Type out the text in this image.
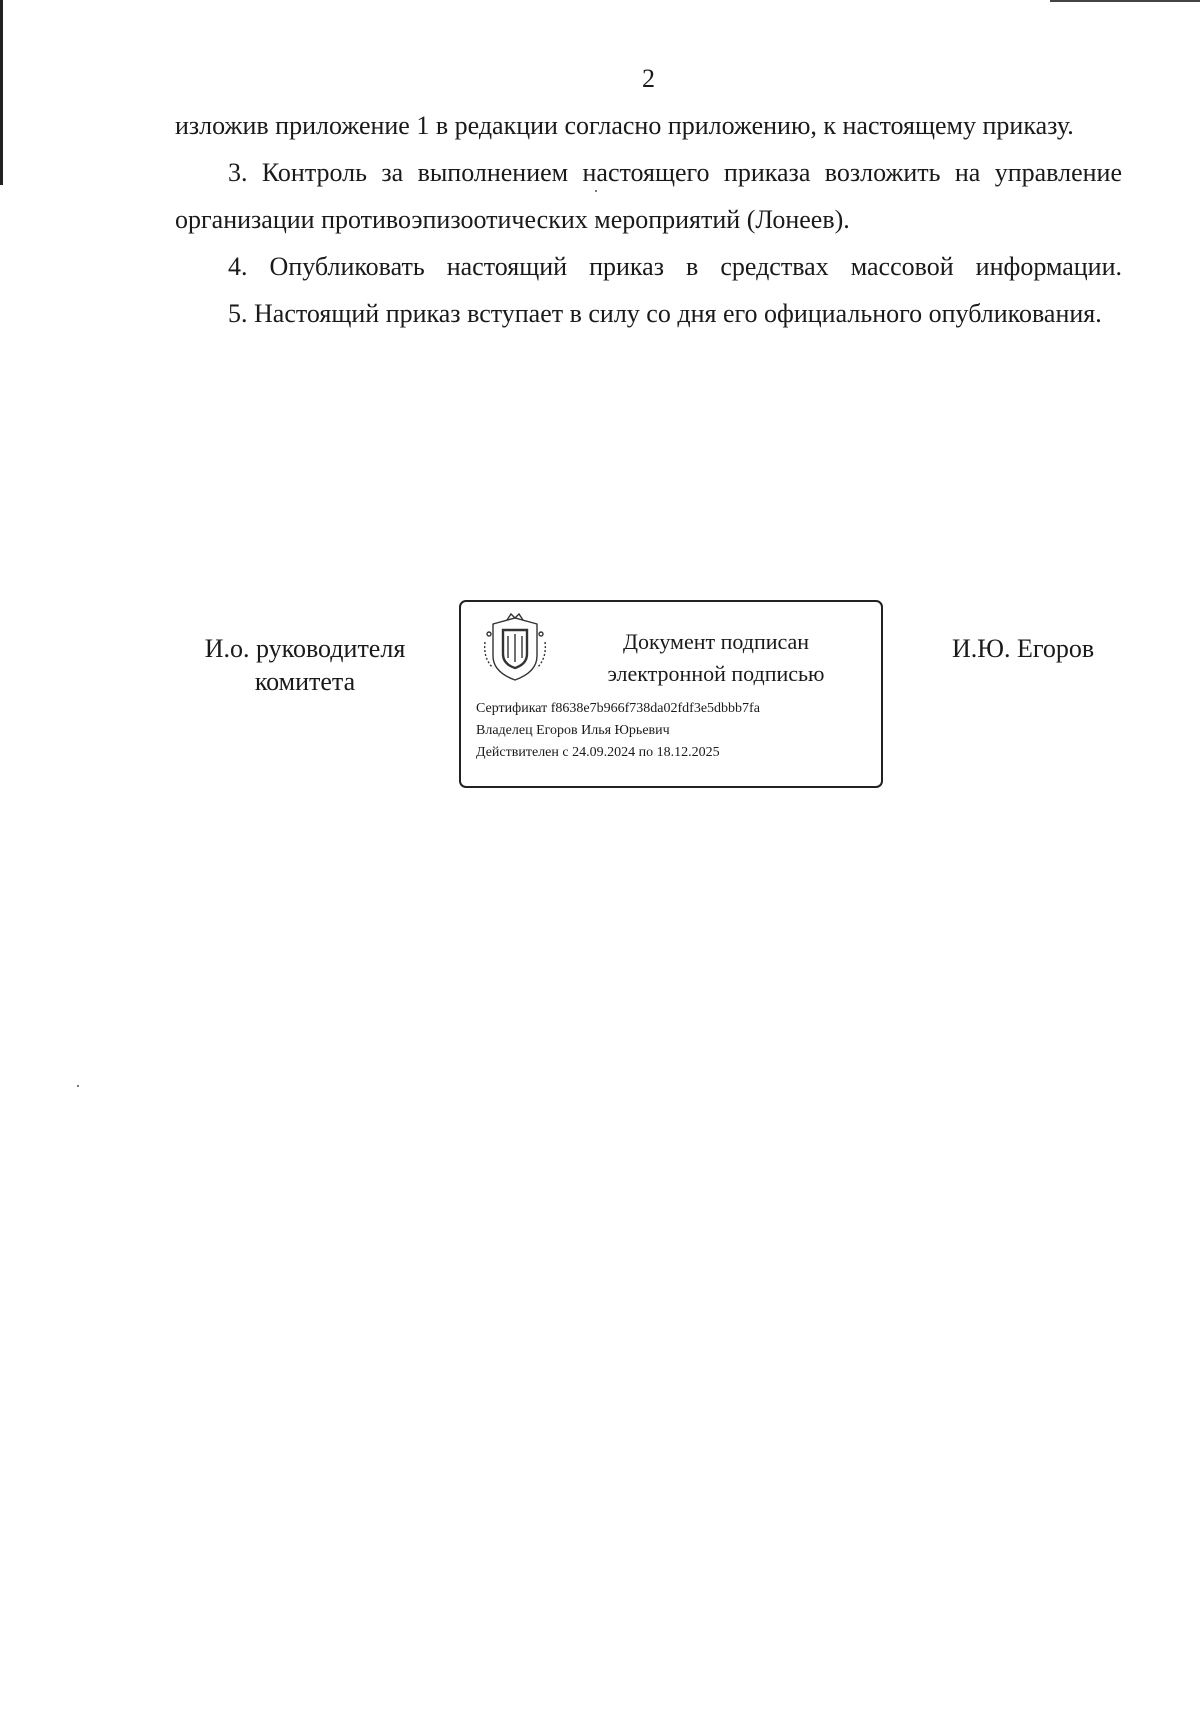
2

изложив приложение 1 в редакции согласно приложению, к настоящему приказу.

3. Контроль за выполнением настоящего приказа возложить на управление организации противоэпизоотических мероприятий (Лонеев).

4. Опубликовать настоящий приказ в средствах массовой информации.

5. Настоящий приказ вступает в силу со дня его официального опубликования.

И.о. руководителя
комитета
Документ подписан
электронной подписью
Сертификат f8638e7b966f738da02fdf3e5dbbb7fa
Владелец Егоров Илья Юрьевич
Действителен с 24.09.2024 по 18.12.2025
И.Ю. Егоров
